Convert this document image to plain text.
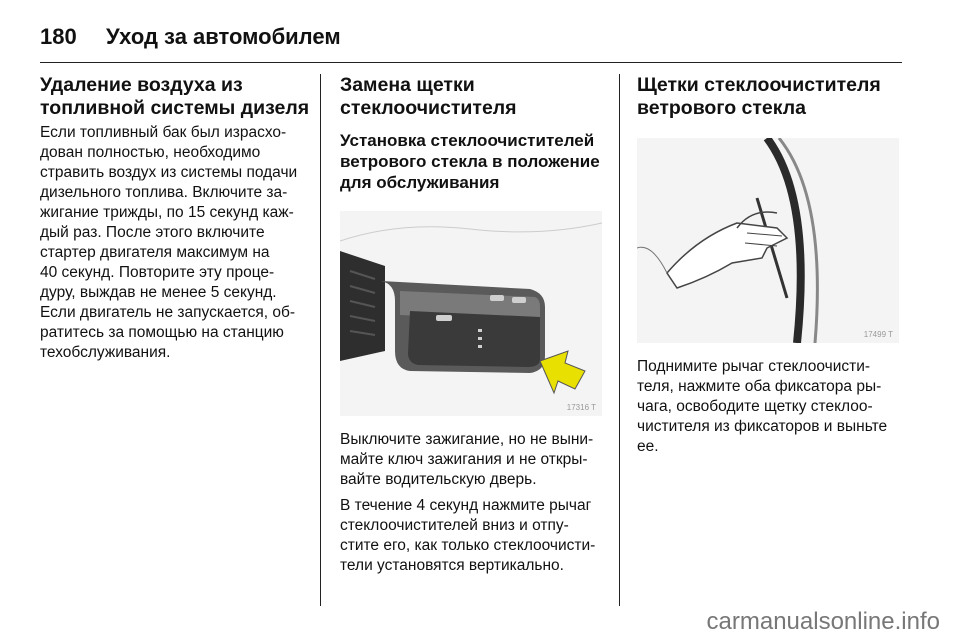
180	Уход за автомобилем
Удаление воздуха из
топливной системы дизеля
Если топливный бак был израсхо-
дован полностью, необходимо
стравить воздух из системы подачи
дизельного топлива. Включите за-
жигание трижды, по 15 секунд каж-
дый раз. После этого включите
стартер двигателя максимум на
40 секунд. Повторите эту проце-
дуру, выждав не менее 5 секунд.
Если двигатель не запускается, об-
ратитесь за помощью на станцию
техобслуживания.
Замена щетки
стеклоочистителя
Установка стеклоочистителей
ветрового стекла в положение
для обслуживания
17316 T
Выключите зажигание, но не выни-
майте ключ зажигания и не откры-
вайте водительскую дверь.
В течение 4 секунд нажмите рычаг
стеклоочистителей вниз и отпу-
стите его, как только стеклоочисти-
тели установятся вертикально.
Щетки стеклоочистителя
ветрового стекла
17499 T
Поднимите рычаг стеклоочисти-
теля, нажмите оба фиксатора ры-
чага, освободите щетку стеклоо-
чистителя из фиксаторов и выньте
ее.
carmanualsonline.info
